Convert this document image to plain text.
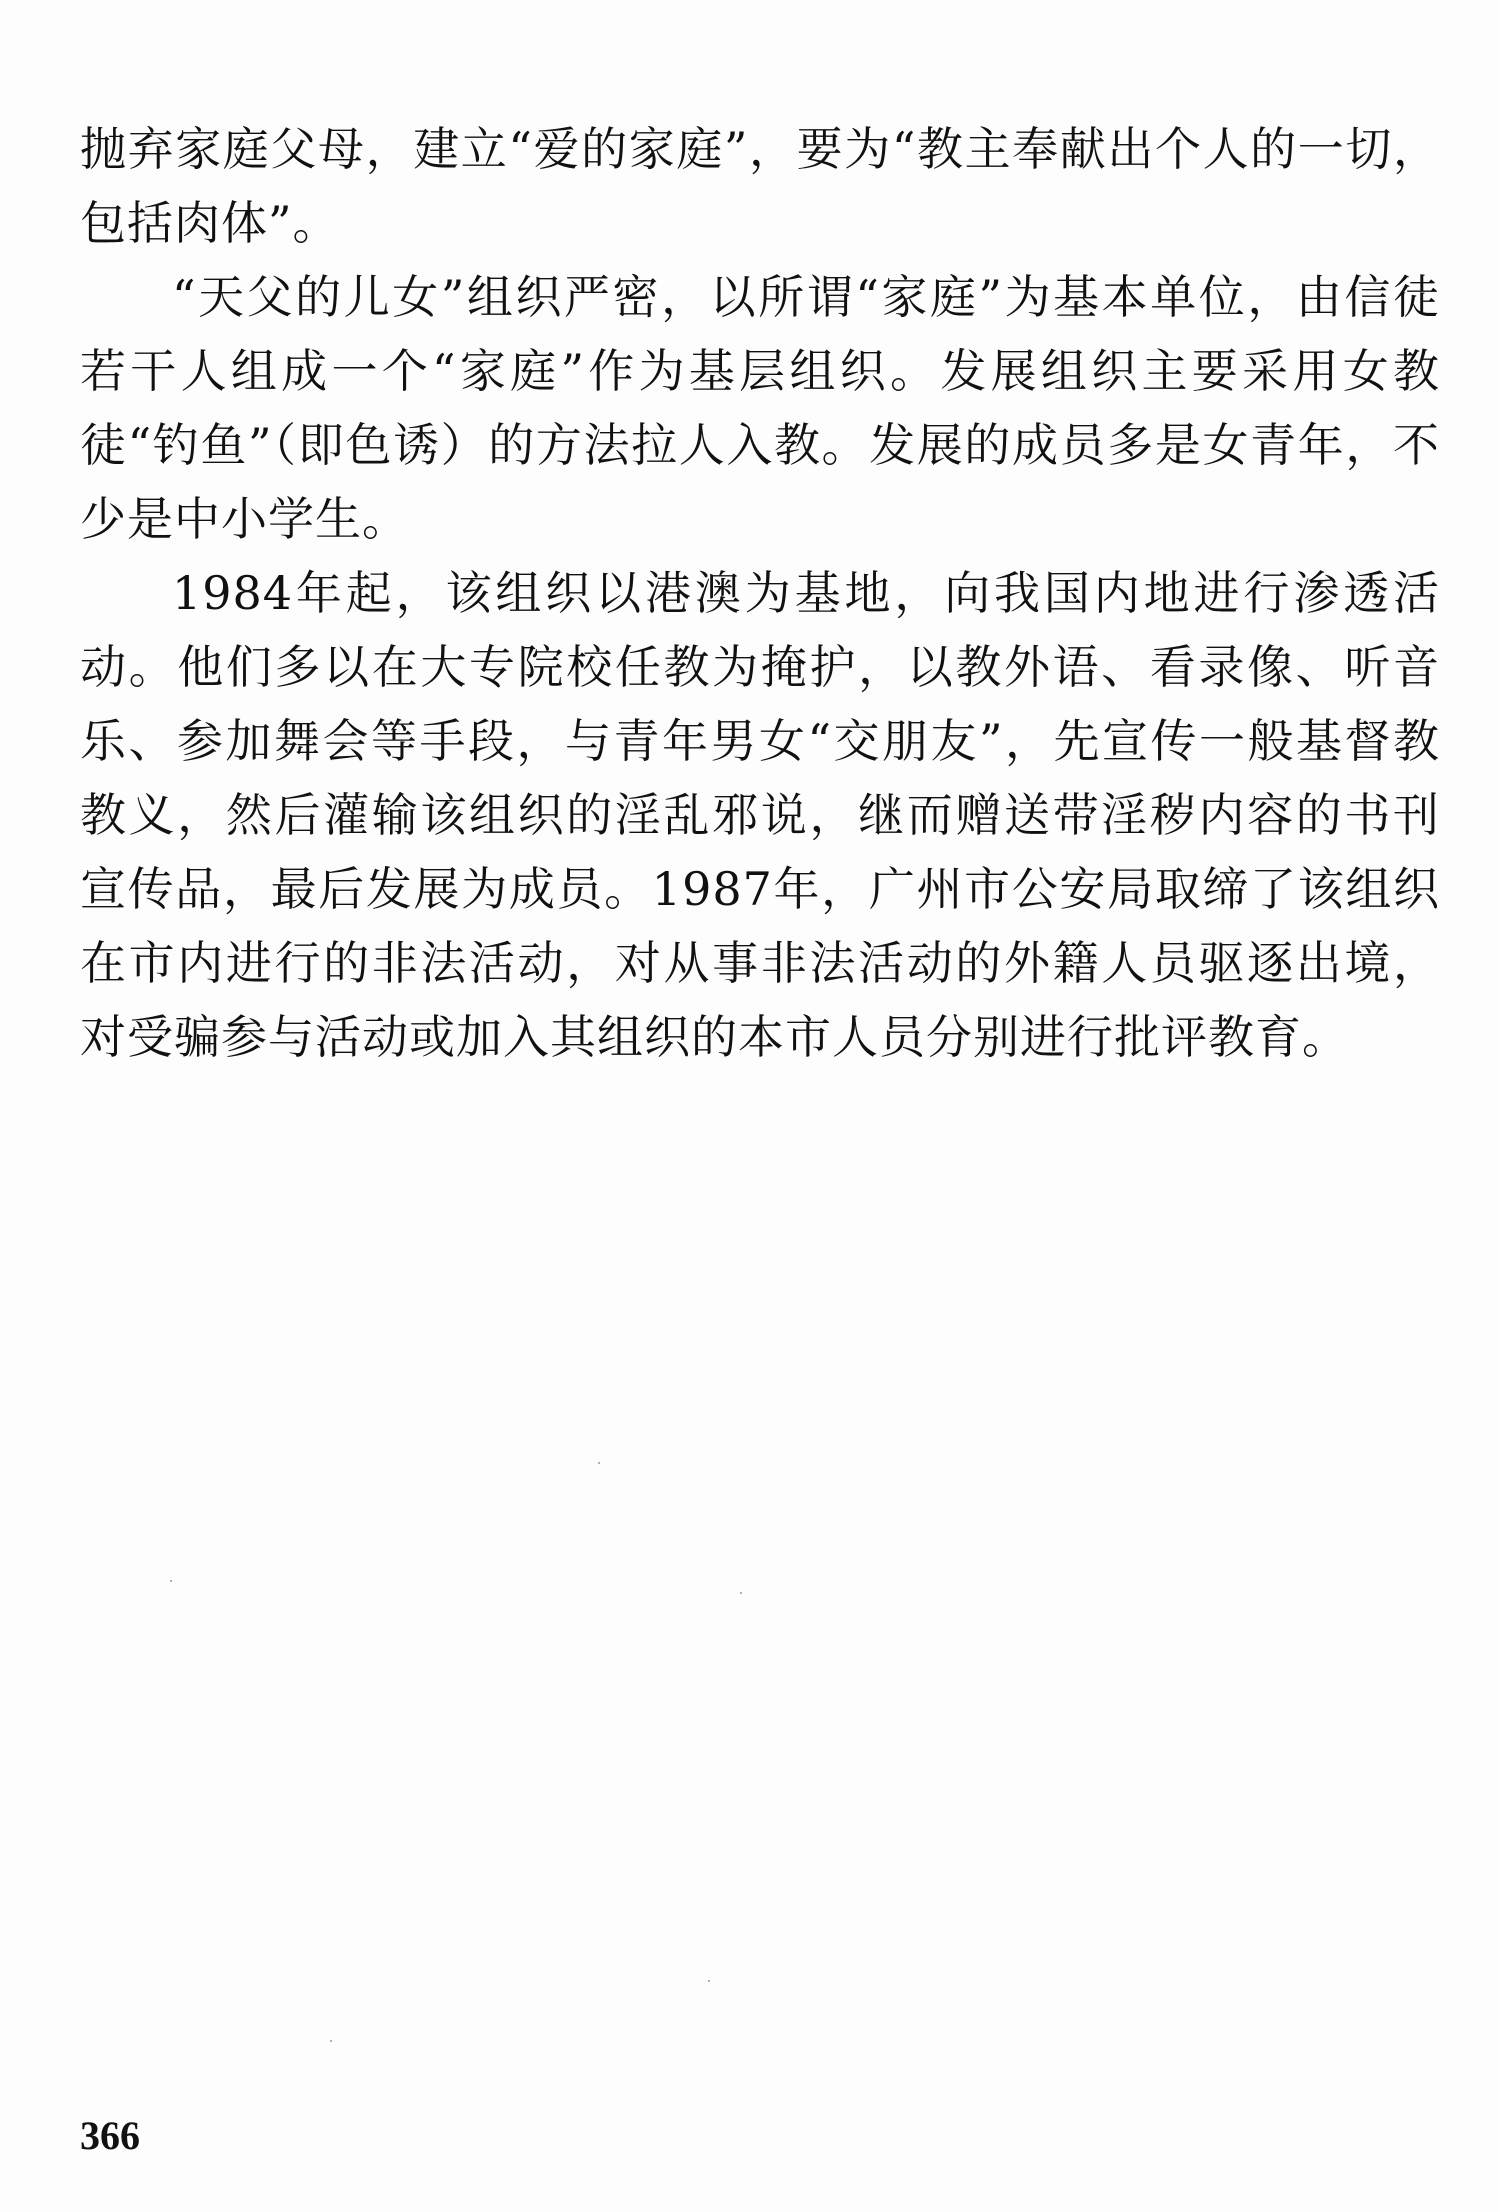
抛弃家庭父母，建立“爱的家庭”，要为“教主奉献出个人的一切，包括肉体”。

“天父的儿女”组织严密，以所谓“家庭”为基本单位，由信徒若干人组成一个“家庭”作为基层组织。发展组织主要采用女教徒“钓鱼”（即色诱）的方法拉人入教。发展的成员多是女青年，不少是中小学生。

1984年起，该组织以港澳为基地，向我国内地进行渗透活动。他们多以在大专院校任教为掩护，以教外语、看录像、听音乐、参加舞会等手段，与青年男女“交朋友”，先宣传一般基督教教义，然后灌输该组织的淫乱邪说，继而赠送带淫秽内容的书刊宣传品，最后发展为成员。1987年，广州市公安局取缔了该组织在市内进行的非法活动，对从事非法活动的外籍人员驱逐出境，对受骗参与活动或加入其组织的本市人员分别进行批评教育。

366
